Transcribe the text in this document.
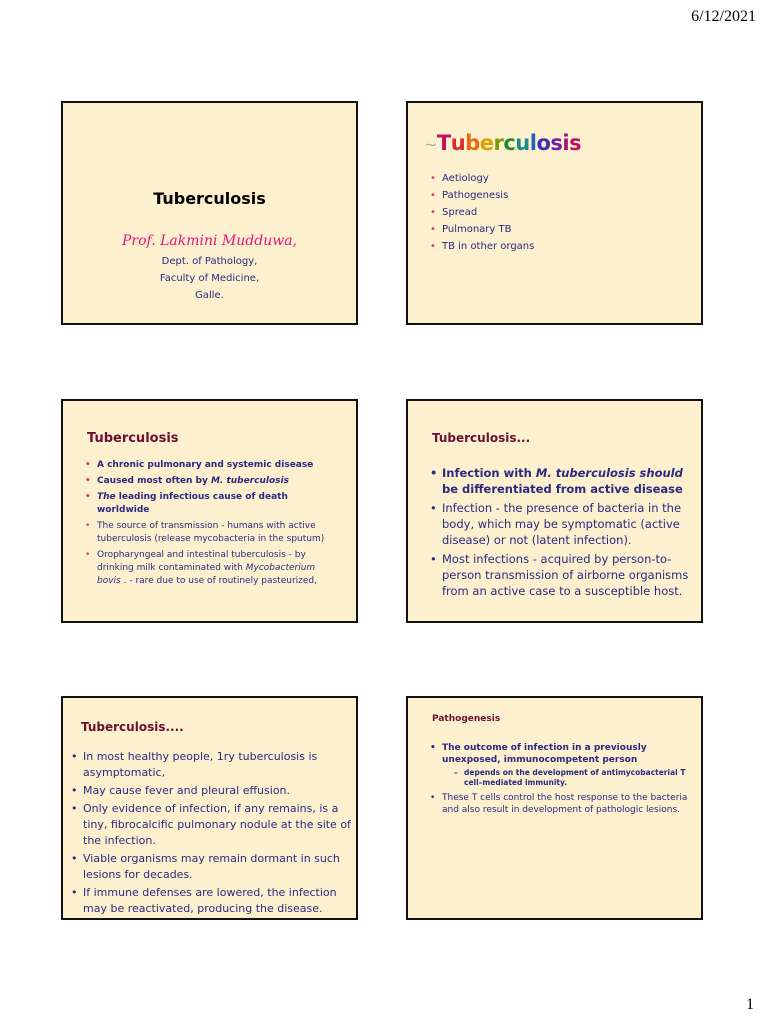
6/12/2021
Tuberculosis
Prof. Lakmini Mudduwa,
Dept. of Pathology,
Faculty of Medicine,
Galle.
~Tuberculosis
• Aetiology
• Pathogenesis
• Spread
• Pulmonary TB
• TB in other organs
Tuberculosis
• A chronic pulmonary and systemic disease
• Caused most often by M. tuberculosis
• The leading infectious cause of death worldwide
• The source of transmission - humans with active tuberculosis (release mycobacteria in the sputum)
• Oropharyngeal and intestinal tuberculosis - by drinking milk contaminated with Mycobacterium bovis . - rare due to use of routinely pasteurized,
Tuberculosis...
• Infection with M. tuberculosis should be differentiated from active disease
• Infection - the presence of bacteria in the body, which may be symptomatic (active disease) or not (latent infection).
• Most infections - acquired by person-to-person transmission of airborne organisms from an active case to a susceptible host.
Tuberculosis....
• In most healthy people, 1ry tuberculosis is asymptomatic,
• May cause fever and pleural effusion.
• Only evidence of infection, if any remains, is a tiny, fibrocalcific pulmonary nodule at the site of the infection.
• Viable organisms may remain dormant in such lesions for decades.
• If immune defenses are lowered, the infection may be reactivated, producing the disease.
Pathogenesis
• The outcome of infection in a previously unexposed, immunocompetent person
– depends on the development of antimycobacterial T cell–mediated immunity.
• These T cells control the host response to the bacteria and also result in development of pathologic lesions.
1
